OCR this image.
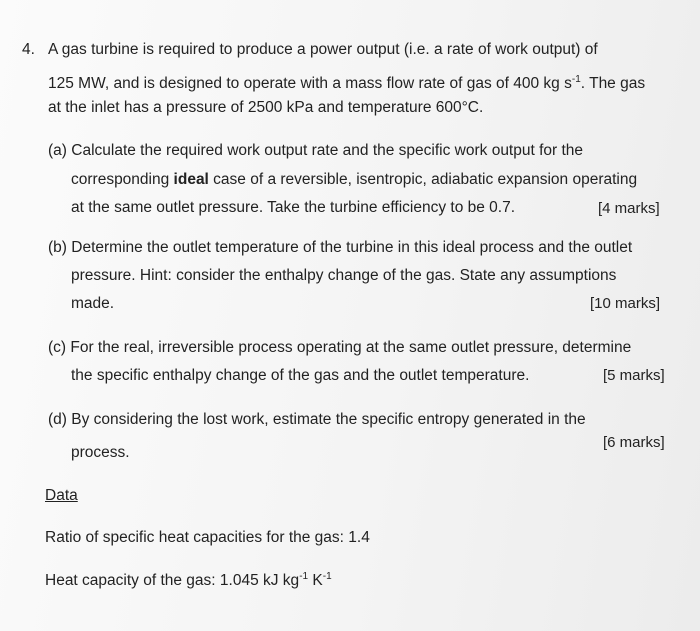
4. A gas turbine is required to produce a power output (i.e. a rate of work output) of
125 MW, and is designed to operate with a mass flow rate of gas of 400 kg $s^{-1}$. The gas
at the inlet has a pressure of 2500 kPa and temperature 600°C.
(a) Calculate the required work output rate and the specific work output for the
corresponding ideal case of a reversible, isentropic, adiabatic expansion operating
at the same outlet pressure. Take the turbine efficiency to be 0.7.	[4 marks]
(b) Determine the outlet temperature of the turbine in this ideal process and the outlet
pressure. Hint: consider the enthalpy change of the gas. State any assumptions
made.	[10 marks]
(c) For the real, irreversible process operating at the same outlet pressure, determine
the specific enthalpy change of the gas and the outlet temperature.	[5 marks]
(d) By considering the lost work, estimate the specific entropy generated in the
process.
[6 marks]
Data
Ratio of specific heat capacities for the gas: 1.4
Heat capacity of the gas: 1.045 kJ $kg^{-1}$ $K^{-1}$
